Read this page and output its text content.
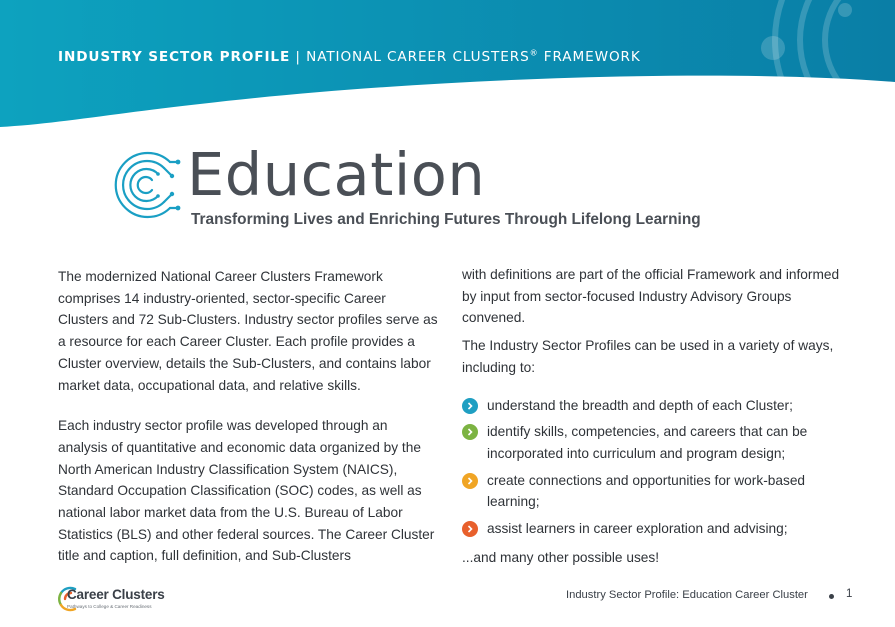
INDUSTRY SECTOR PROFILE | NATIONAL CAREER CLUSTERS® FRAMEWORK
Education
Transforming Lives and Enriching Futures Through Lifelong Learning

The modernized National Career Clusters Framework comprises 14 industry-oriented, sector-specific Career Clusters and 72 Sub-Clusters. Industry sector profiles serve as a resource for each Career Cluster. Each profile provides a Cluster overview, details the Sub-Clusters, and contains labor market data, occupational data, and relative skills.

Each industry sector profile was developed through an analysis of quantitative and economic data organized by the North American Industry Classification System (NAICS), Standard Occupation Classification (SOC) codes, as well as national labor market data from the U.S. Bureau of Labor Statistics (BLS) and other federal sources. The Career Cluster title and caption, full definition, and Sub-Clusters

with definitions are part of the official Framework and informed by input from sector-focused Industry Advisory Groups convened.

The Industry Sector Profiles can be used in a variety of ways, including to:

understand the breadth and depth of each Cluster;
identify skills, competencies, and careers that can be incorporated into curriculum and program design;
create connections and opportunities for work-based learning;
assist learners in career exploration and advising;

...and many other possible uses!

Career Clusters
Pathways to College & Career Readiness
Industry Sector Profile: Education Career Cluster	1
